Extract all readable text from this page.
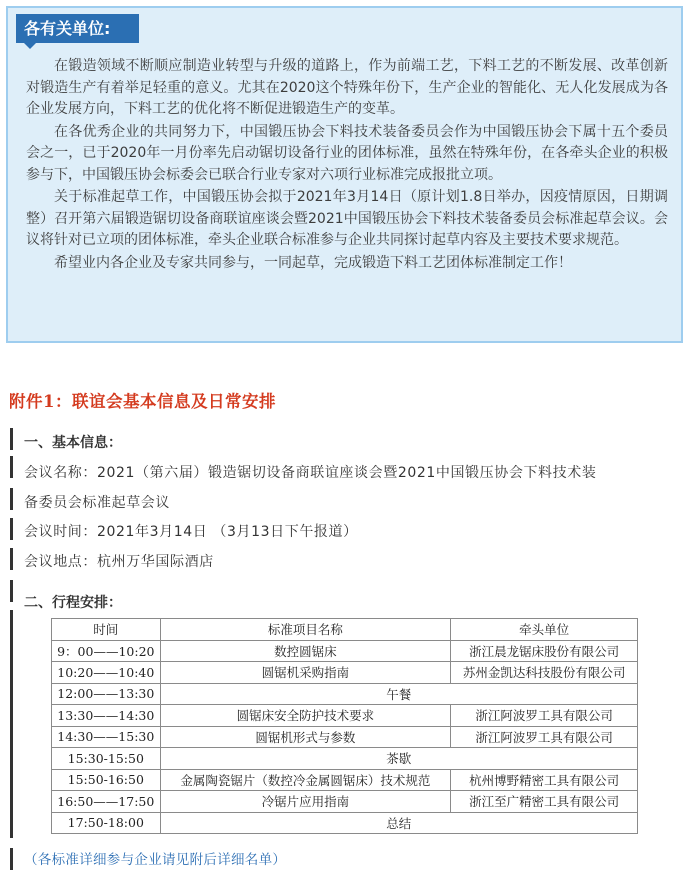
各有关单位:

在锻造领域不断顺应制造业转型与升级的道路上，作为前端工艺，下料工艺的不断发展、改革创新对锻造生产有着举足轻重的意义。尤其在2020这个特殊年份下，生产企业的智能化、无人化发展成为各企业发展方向，下料工艺的优化将不断促进锻造生产的变革。

在各优秀企业的共同努力下，中国锻压协会下料技术装备委员会作为中国锻压协会下属十五个委员会之一，已于2020年一月份率先启动锯切设备行业的团体标准，虽然在特殊年份，在各牵头企业的积极参与下，中国锻压协会标委会已联合行业专家对六项行业标准完成报批立项。

关于标准起草工作，中国锻压协会拟于2021年3月14日（原计划1.8日举办，因疫情原因，日期调整）召开第六届锻造锯切设备商联谊座谈会暨2021中国锻压协会下料技术装备委员会标准起草会议。会议将针对已立项的团体标准，牵头企业联合标准参与企业共同探讨起草内容及主要技术要求规范。

希望业内各企业及专家共同参与，一同起草，完成锻造下料工艺团体标准制定工作！

附件1：联谊会基本信息及日常安排
一、基本信息：
会议名称：2021（第六届）锻造锯切设备商联谊座谈会暨2021中国锻压协会下料技术装
备委员会标准起草会议
会议时间：2021年3月14日 （3月13日下午报道）
会议地点：杭州万华国际酒店
二、行程安排：
时间	标准项目名称	牵头单位
9：00——10:20	数控圆锯床	浙江晨龙锯床股份有限公司
10:20——10:40	圆锯机采购指南	苏州金凯达科技股份有限公司
12:00——13:30	午餐	
13:30——14:30	圆锯床安全防护技术要求	浙江阿波罗工具有限公司
14:30——15:30	圆锯机形式与参数	浙江阿波罗工具有限公司
15:30-15:50	茶歇	
15:50-16:50	金属陶瓷锯片（数控冷金属圆锯床）技术规范	杭州博野精密工具有限公司
16:50——17:50	冷锯片应用指南	浙江至广精密工具有限公司
17:50-18:00	总结	
（各标准详细参与企业请见附后详细名单）
